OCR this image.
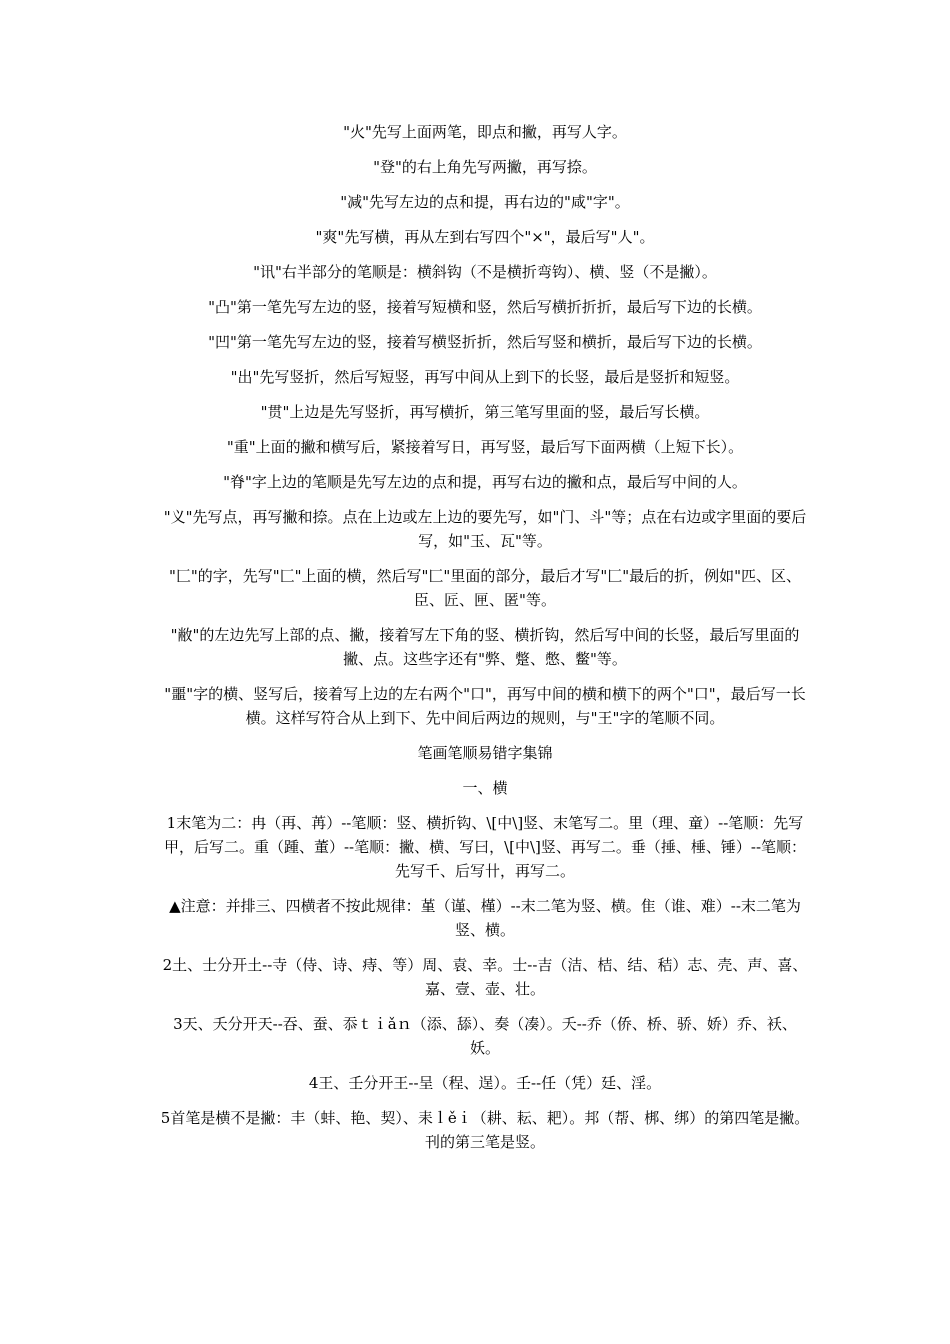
"火"先写上面两笔，即点和撇，再写人字。

"登"的右上角先写两撇，再写捺。

"减"先写左边的点和提，再右边的"咸"字"。

"爽"先写横，再从左到右写四个"×"，最后写"人"。

"讯"右半部分的笔顺是：横斜钩（不是横折弯钩）、横、竖（不是撇）。

"凸"第一笔先写左边的竖，接着写短横和竖，然后写横折折折，最后写下边的长横。

"凹"第一笔先写左边的竖，接着写横竖折折，然后写竖和横折，最后写下边的长横。

"出"先写竖折，然后写短竖，再写中间从上到下的长竖，最后是竖折和短竖。

"贯"上边是先写竖折，再写横折，第三笔写里面的竖，最后写长横。

"重"上面的撇和横写后，紧接着写日，再写竖，最后写下面两横（上短下长）。

"脊"字上边的笔顺是先写左边的点和提，再写右边的撇和点，最后写中间的人。

"义"先写点，再写撇和捺。点在上边或左上边的要先写，如"门、斗"等；点在右边或字里面的要后写，如"玉、瓦"等。

"匚"的字，先写"匚"上面的横，然后写"匚"里面的部分，最后才写"匚"最后的折，例如"匹、区、臣、匠、匣、匿"等。

"敝"的左边先写上部的点、撇，接着写左下角的竖、横折钩，然后写中间的长竖，最后写里面的撇、点。这些字还有"弊、蹩、憋、鳖"等。

"噩"字的横、竖写后，接着写上边的左右两个"口"，再写中间的横和横下的两个"口"，最后写一长横。这样写符合从上到下、先中间后两边的规则，与"王"字的笔顺不同。

笔画笔顺易错字集锦

一、横

1末笔为二：冉（再、苒）--笔顺：竖、横折钩、\[中\]竖、末笔写二。里（理、童）--笔顺：先写甲，后写二。重（踵、董）--笔顺：撇、横、写曰，\[中\]竖、再写二。垂（捶、棰、锤）--笔顺：先写千、后写卄，再写二。

▲注意：并排三、四横者不按此规律：堇（谨、槿）--末二笔为竖、横。隹（谁、难）--末二笔为竖、横。

2土、士分开土--寺（侍、诗、痔、等）周、袁、幸。士--吉（洁、桔、结、秸）志、壳、声、喜、嘉、壹、壶、壮。

3天、夭分开天--吞、蚕、忝ｔｉǎｎ（添、舔）、奏（凑）。夭--乔（侨、桥、骄、娇）乔、袄、妖。

4王、壬分开王--呈（程、逞）。壬--任（凭）廷、淫。

5首笔是横不是撇：丰（蚌、艳、契）、耒ｌěｉ（耕、耘、耙）。邦（帮、梆、绑）的第四笔是撇。刊的第三笔是竖。
